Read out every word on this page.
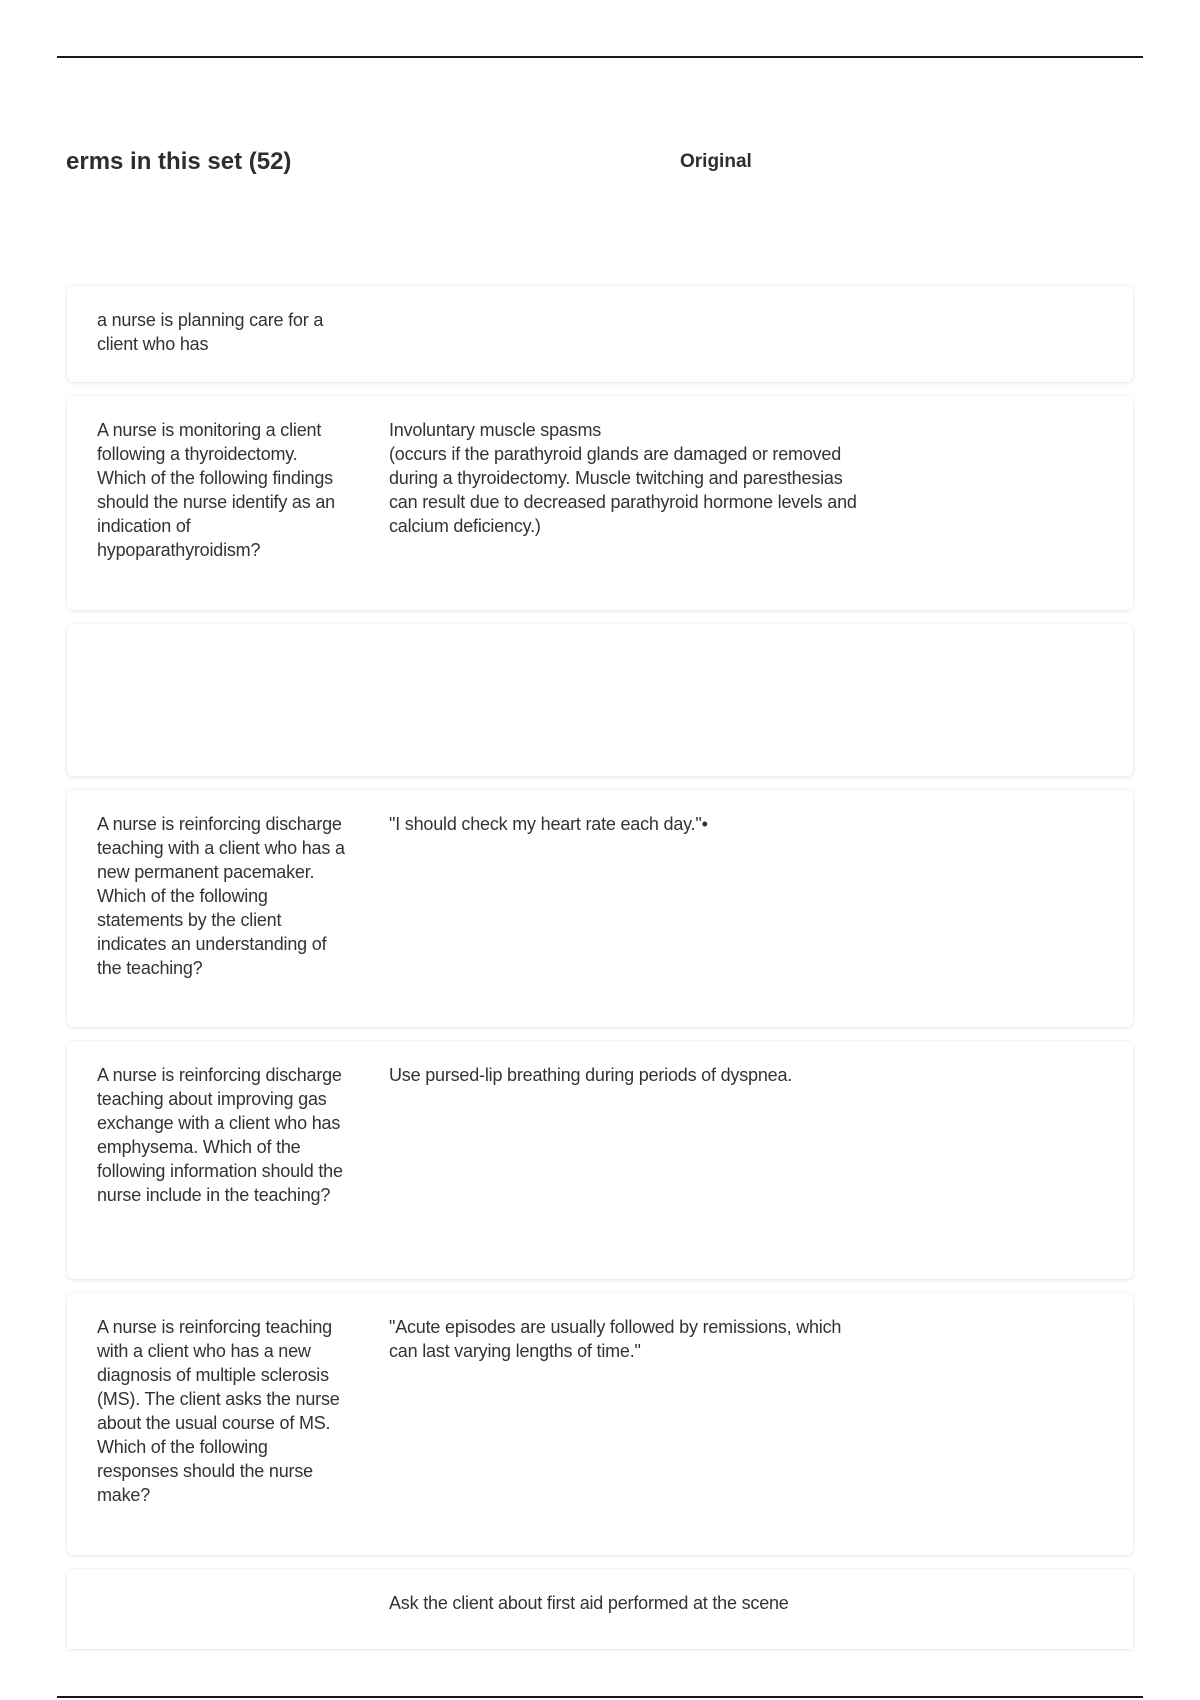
erms in this set (52)	Original
a nurse is planning care for a client who has
A nurse is monitoring a client following a thyroidectomy. Which of the following findings should the nurse identify as an indication of hypoparathyroidism?
Involuntary muscle spasms
(occurs if the parathyroid glands are damaged or removed during a thyroidectomy. Muscle twitching and paresthesias can result due to decreased parathyroid hormone levels and calcium deficiency.)
A nurse is reinforcing discharge teaching with a client who has a new permanent pacemaker. Which of the following statements by the client indicates an understanding of the teaching?
"I should check my heart rate each day."•
A nurse is reinforcing discharge teaching about improving gas exchange with a client who has emphysema. Which of the following information should the nurse include in the teaching?
Use pursed-lip breathing during periods of dyspnea.
A nurse is reinforcing teaching with a client who has a new diagnosis of multiple sclerosis (MS). The client asks the nurse about the usual course of MS. Which of the following responses should the nurse make?
"Acute episodes are usually followed by remissions, which can last varying lengths of time."
Ask the client about first aid performed at the scene
